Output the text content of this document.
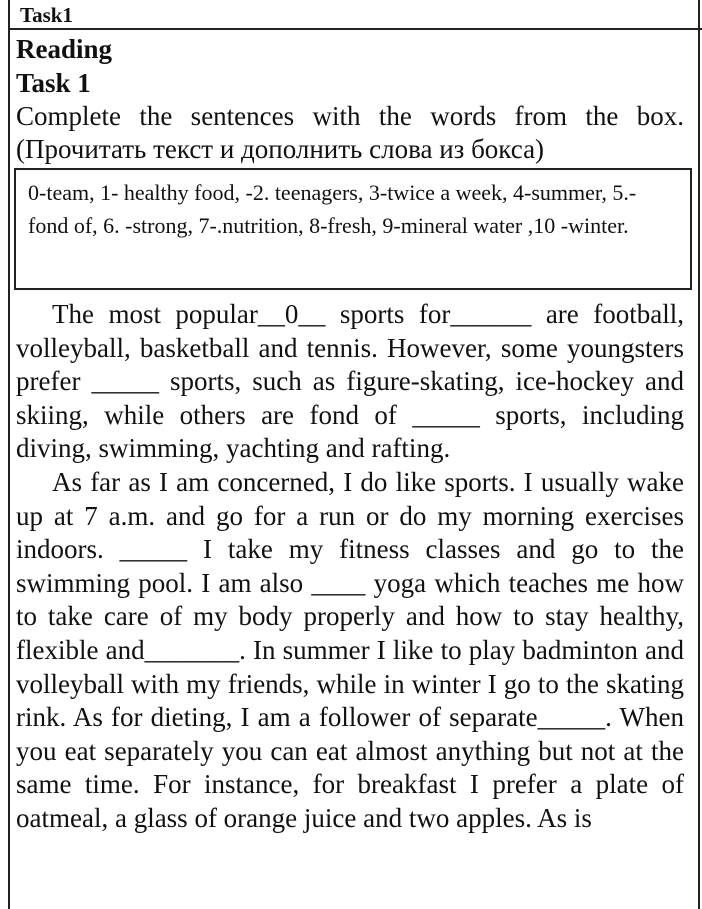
Task1
Reading
Task 1
Complete the sentences with the words from the box.
(Прочитать текст и дополнить слова из бокса)
0-team, 1- healthy food, -2. teenagers, 3-twice a week, 4-summer, 5.- fond of, 6. -strong, 7-.nutrition, 8-fresh, 9-mineral water ,10 -winter.

The most popular__0__ sports for______ are football, volleyball, basketball and tennis. However, some youngsters prefer _____ sports, such as figure-skating, ice-hockey and skiing, while others are fond of _____ sports, including diving, swimming, yachting and rafting.

As far as I am concerned, I do like sports. I usually wake up at 7 a.m. and go for a run or do my morning exercises indoors. _____ I take my fitness classes and go to the swimming pool. I am also ____ yoga which teaches me how to take care of my body properly and how to stay healthy, flexible and_______. In summer I like to play badminton and volleyball with my friends, while in winter I go to the skating rink. As for dieting, I am a follower of separate_____. When you eat separately you can eat almost anything but not at the same time. For instance, for breakfast I prefer a plate of oatmeal, a glass of orange juice and two apples. As is
